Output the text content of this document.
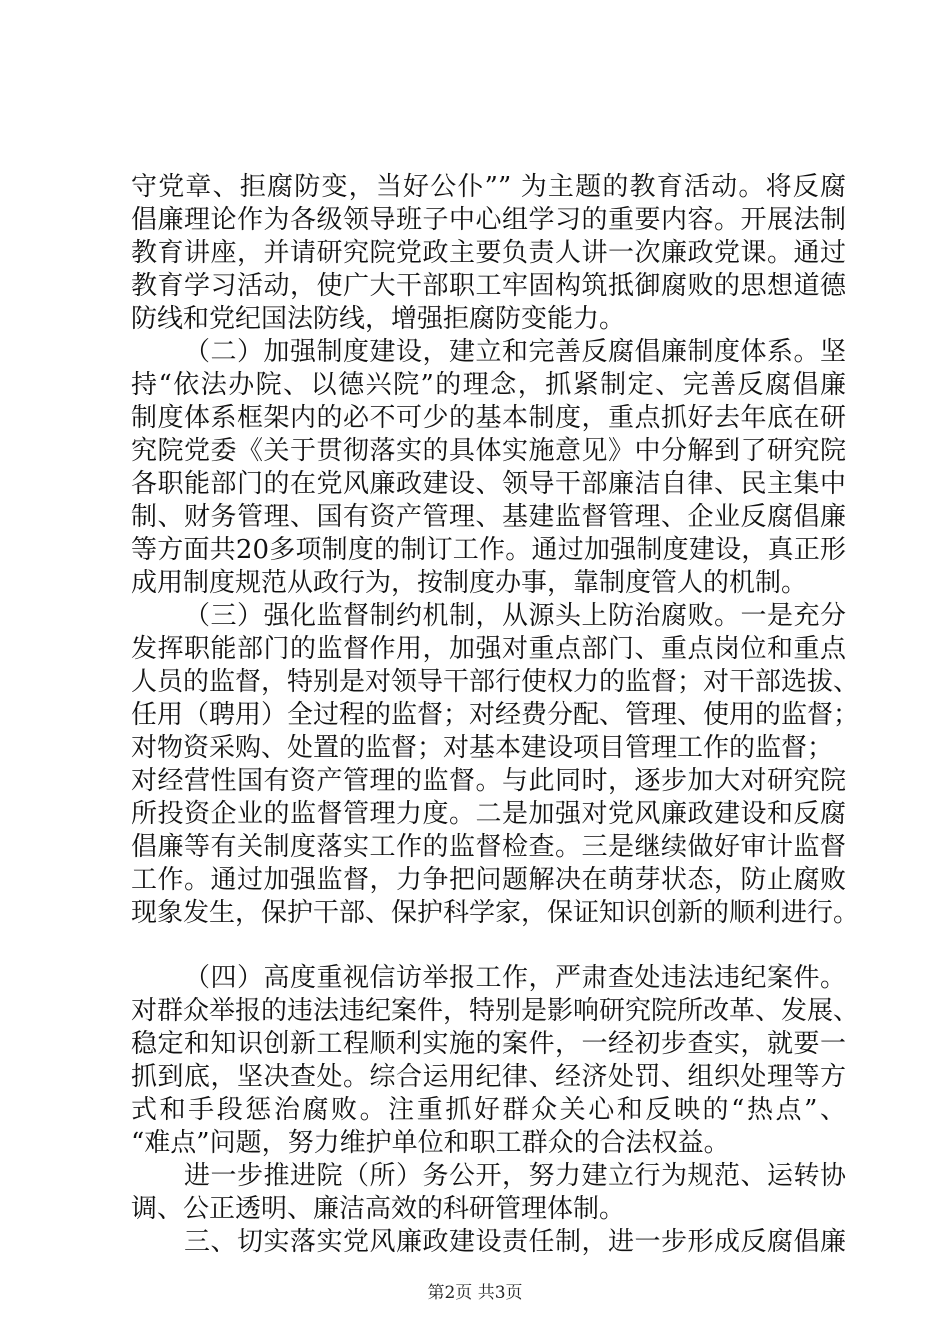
守党章、拒腐防变，当好公仆”” 为主题的教育活动。将反腐
倡廉理论作为各级领导班子中心组学习的重要内容。开展法制
教育讲座，并请研究院党政主要负责人讲一次廉政党课。通过
教育学习活动，使广大干部职工牢固构筑抵御腐败的思想道德
防线和党纪国法防线，增强拒腐防变能力。
（二）加强制度建设，建立和完善反腐倡廉制度体系。坚
持“依法办院、以德兴院”的理念，抓紧制定、完善反腐倡廉
制度体系框架内的必不可少的基本制度，重点抓好去年底在研
究院党委《关于贯彻落实的具体实施意见》中分解到了研究院
各职能部门的在党风廉政建设、领导干部廉洁自律、民主集中
制、财务管理、国有资产管理、基建监督管理、企业反腐倡廉
等方面共20多项制度的制订工作。通过加强制度建设，真正形
成用制度规范从政行为，按制度办事，靠制度管人的机制。
（三）强化监督制约机制，从源头上防治腐败。一是充分
发挥职能部门的监督作用，加强对重点部门、重点岗位和重点
人员的监督，特别是对领导干部行使权力的监督；对干部选拔、
任用（聘用）全过程的监督；对经费分配、管理、使用的监督；
对物资采购、处置的监督；对基本建设项目管理工作的监督；
对经营性国有资产管理的监督。与此同时，逐步加大对研究院
所投资企业的监督管理力度。二是加强对党风廉政建设和反腐
倡廉等有关制度落实工作的监督检查。三是继续做好审计监督
工作。通过加强监督，力争把问题解决在萌芽状态，防止腐败
现象发生，保护干部、保护科学家，保证知识创新的顺利进行。
（四）高度重视信访举报工作，严肃查处违法违纪案件。
对群众举报的违法违纪案件，特别是影响研究院所改革、发展、
稳定和知识创新工程顺利实施的案件，一经初步查实，就要一
抓到底，坚决查处。综合运用纪律、经济处罚、组织处理等方
式和手段惩治腐败。注重抓好群众关心和反映的“热点”、
“难点”问题，努力维护单位和职工群众的合法权益。
进一步推进院（所）务公开，努力建立行为规范、运转协
调、公正透明、廉洁高效的科研管理体制。
三、切实落实党风廉政建设责任制，进一步形成反腐倡廉
第2页 共3页
